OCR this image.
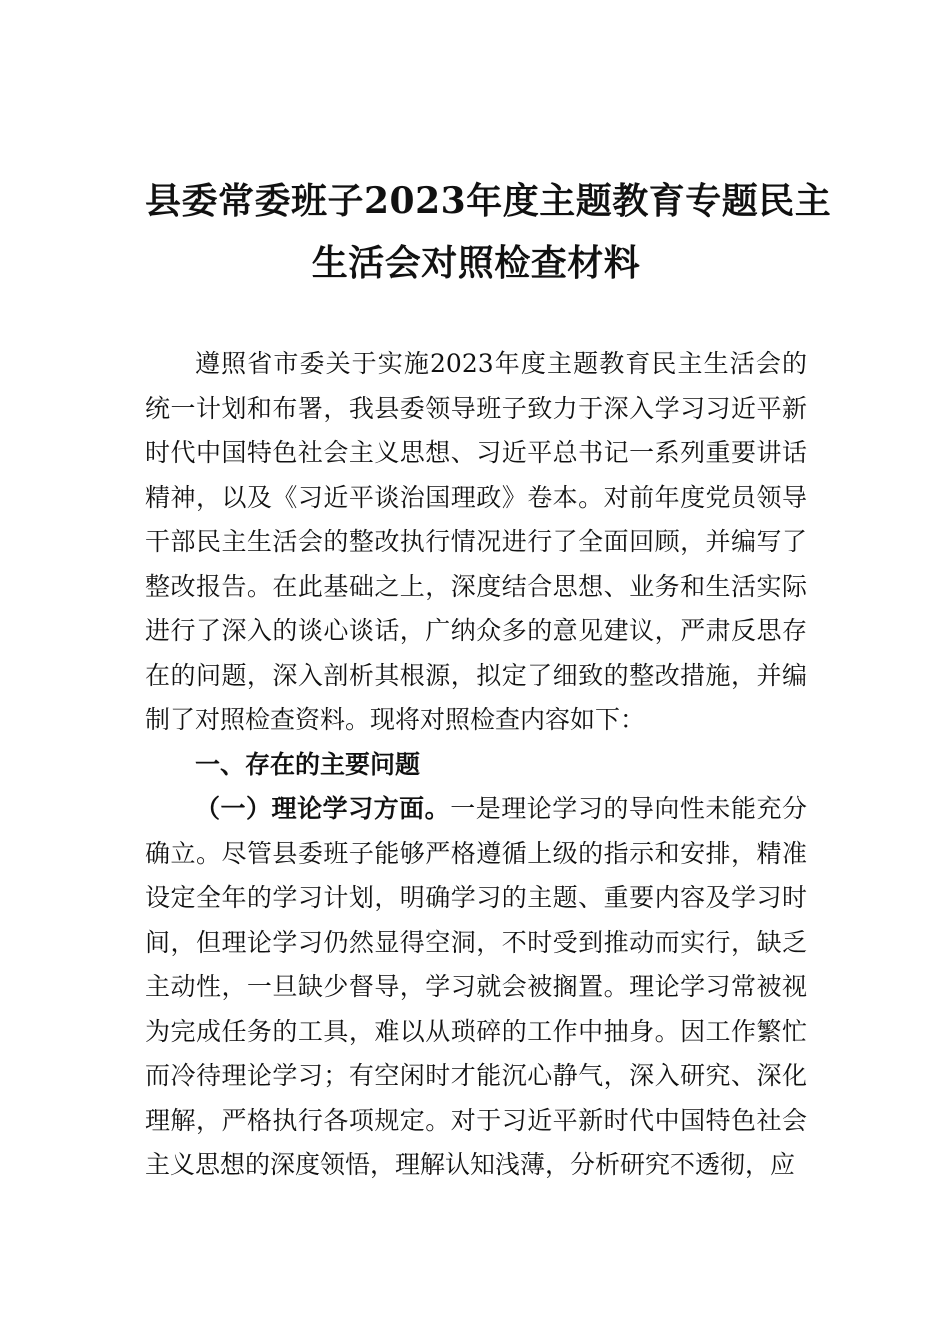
县委常委班子2023年度主题教育专题民主
生活会对照检查材料

遵照省市委关于实施2023年度主题教育民主生活会的统一计划和布署，我县委领导班子致力于深入学习习近平新时代中国特色社会主义思想、习近平总书记一系列重要讲话精神，以及《习近平谈治国理政》卷本。对前年度党员领导干部民主生活会的整改执行情况进行了全面回顾，并编写了整改报告。在此基础之上，深度结合思想、业务和生活实际进行了深入的谈心谈话，广纳众多的意见建议，严肃反思存在的问题，深入剖析其根源，拟定了细致的整改措施，并编制了对照检查资料。现将对照检查内容如下：

一、存在的主要问题

（一）理论学习方面。一是理论学习的导向性未能充分确立。尽管县委班子能够严格遵循上级的指示和安排，精准设定全年的学习计划，明确学习的主题、重要内容及学习时间，但理论学习仍然显得空洞，不时受到推动而实行，缺乏主动性，一旦缺少督导，学习就会被搁置。理论学习常被视为完成任务的工具，难以从琐碎的工作中抽身。因工作繁忙而冷待理论学习；有空闲时才能沉心静气，深入研究、深化理解，严格执行各项规定。对于习近平新时代中国特色社会主义思想的深度领悟，理解认知浅薄，分析研究不透彻，应
